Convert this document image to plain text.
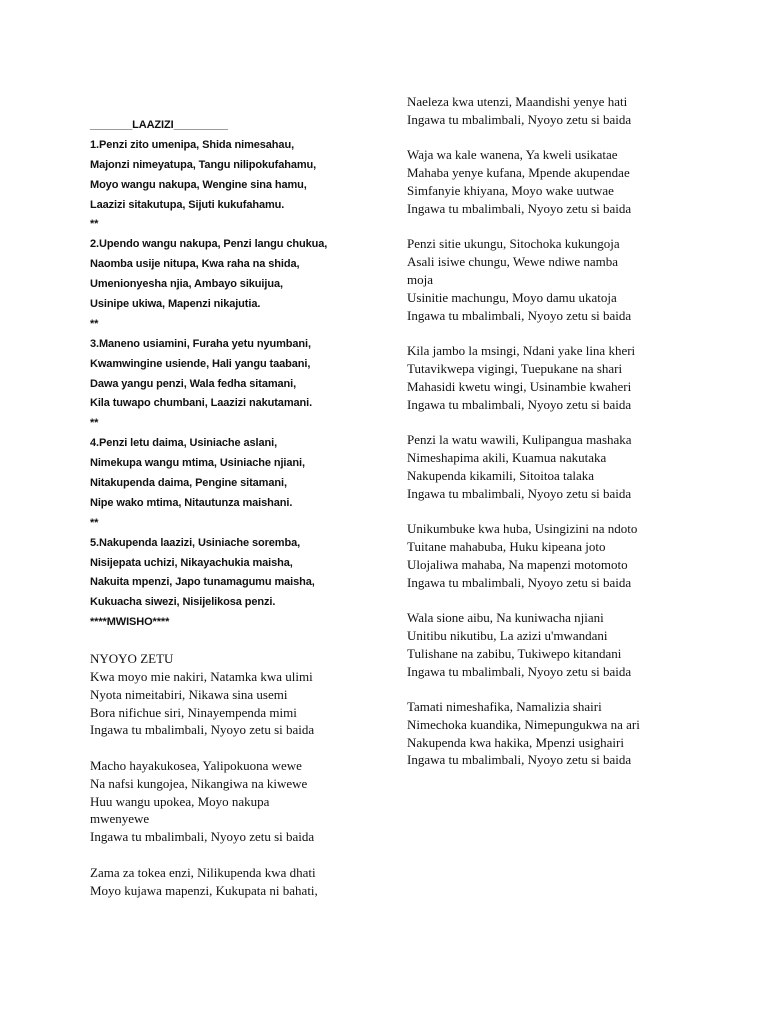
_______LAAZIZI_________
1.Penzi zito umenipa, Shida nimesahau,
Majonzi nimeyatupa, Tangu nilipokufahamu,
Moyo wangu nakupa, Wengine sina hamu,
Laazizi sitakutupa, Sijuti kukufahamu.
**
2.Upendo wangu nakupa, Penzi langu chukua,
Naomba usije nitupa, Kwa raha na shida,
Umenionyesha njia, Ambayo sikuijua,
Usinipe ukiwa, Mapenzi nikajutia.
**
3.Maneno usiamini, Furaha yetu nyumbani,
Kwamwingine usiende, Hali yangu taabani,
Dawa yangu penzi, Wala fedha sitamani,
Kila tuwapo chumbani, Laazizi nakutamani.
**
4.Penzi letu daima, Usiniache aslani,
Nimekupa wangu mtima, Usiniache njiani,
Nitakupenda daima, Pengine sitamani,
Nipe wako mtima, Nitautunza maishani.
**
5.Nakupenda laazizi, Usiniache soremba,
Nisijepata uchizi, Nikayachukia maisha,
Nakuita mpenzi, Japo tunamagumu maisha,
Kukuacha siwezi, Nisijelikosa penzi.
****MWISHO****
NYOYO ZETU
Kwa moyo mie nakiri, Natamka kwa ulimi
Nyota nimeitabiri, Nikawa sina usemi
Bora nifichue siri, Ninayempenda mimi
Ingawa tu mbalimbali, Nyoyo zetu si baida
Macho hayakukosea, Yalipokuona wewe
Na nafsi kungojea, Nikangiwa na kiwewe
Huu wangu upokea, Moyo nakupa
mwenyewe
Ingawa tu mbalimbali, Nyoyo zetu si baida
Zama za tokea enzi, Nilikupenda kwa dhati
Moyo kujawa mapenzi, Kukupata ni bahati,
Naeleza kwa utenzi, Maandishi yenye hati
Ingawa tu mbalimbali, Nyoyo zetu si baida
Waja wa kale wanena, Ya kweli usikatae
Mahaba yenye kufana, Mpende akupendae
Simfanyie khiyana, Moyo wake uutwae
Ingawa tu mbalimbali, Nyoyo zetu si baida
Penzi sitie ukungu, Sitochoka kukungoja
Asali isiwe chungu, Wewe ndiwe namba
moja
Usinitie machungu, Moyo damu ukatoja
Ingawa tu mbalimbali, Nyoyo zetu si baida
Kila jambo la msingi, Ndani yake lina kheri
Tutavikwepa vigingi, Tuepukane na shari
Mahasidi kwetu wingi, Usinambie kwaheri
Ingawa tu mbalimbali, Nyoyo zetu si baida
Penzi la watu wawili, Kulipangua mashaka
Nimeshapima akili, Kuamua nakutaka
Nakupenda kikamili, Sitoitoa talaka
Ingawa tu mbalimbali, Nyoyo zetu si baida
Unikumbuke kwa huba, Usingizini na ndoto
Tuitane mahabuba, Huku kipeana joto
Ulojaliwa mahaba, Na mapenzi motomoto
Ingawa tu mbalimbali, Nyoyo zetu si baida
Wala sione aibu, Na kuniwacha njiani
Unitibu nikutibu, La azizi u'mwandani
Tulishane na zabibu, Tukiwepo kitandani
Ingawa tu mbalimbali, Nyoyo zetu si baida
Tamati nimeshafika, Namalizia shairi
Nimechoka kuandika, Nimepungukwa na ari
Nakupenda kwa hakika, Mpenzi usighairi
Ingawa tu mbalimbali, Nyoyo zetu si baida
